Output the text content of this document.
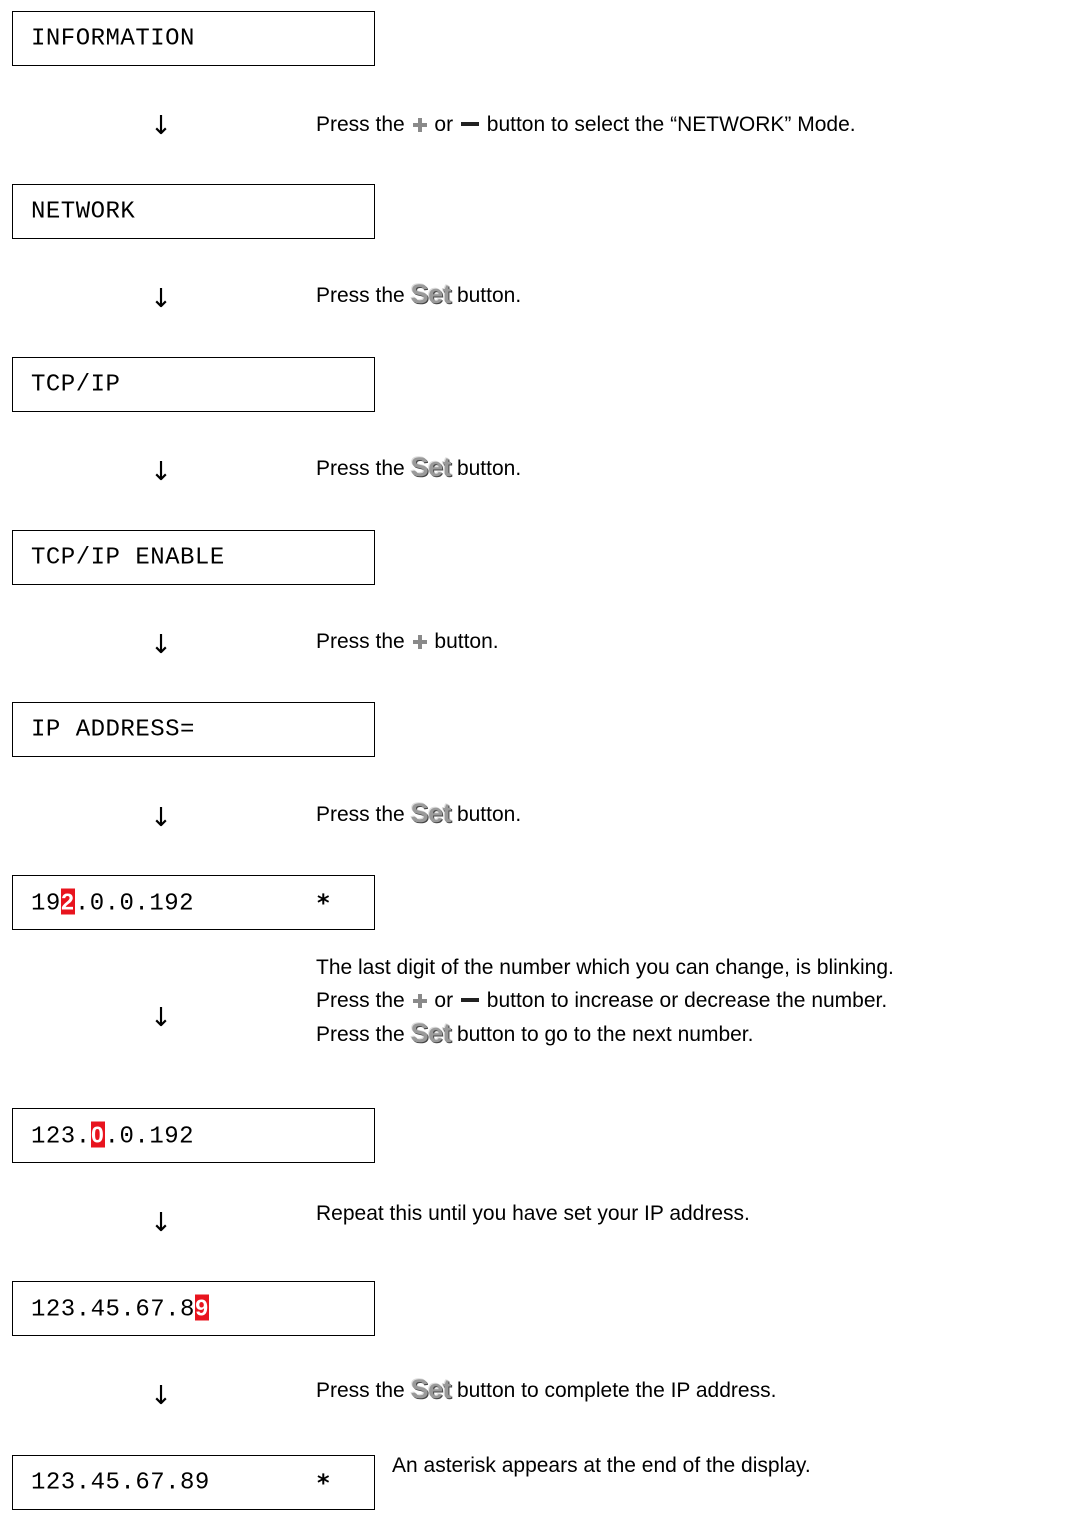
INFORMATION
↓	Press the or button to select the “NETWORK” Mode.
NETWORK
↓	Press the Set button.
TCP/IP
↓	Press the Set button.
TCP/IP ENABLE
↓	Press the button.
IP ADDRESS=
↓	Press the Set button.
192.0.0.192	*
↓
The last digit of the number which you can change, is blinking.
Press the or button to increase or decrease the number.
Press the Set button to go to the next number.
123.0.0.192
↓	Repeat this until you have set your IP address.
123.45.67.89
↓	Press the Set button to complete the IP address.
123.45.67.89	*
An asterisk appears at the end of the display.
